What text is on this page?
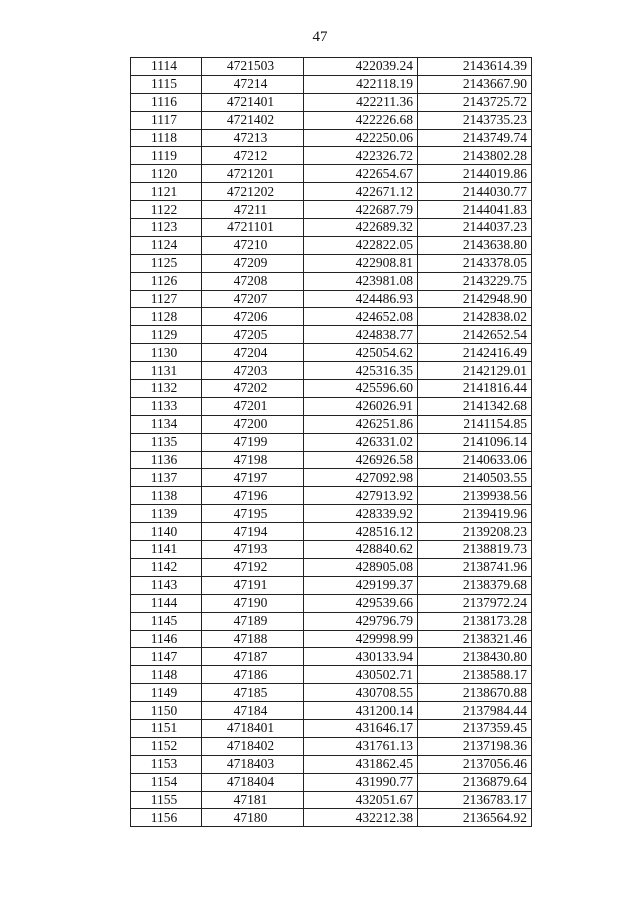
47
1114	4721503	422039.24	2143614.39
1115	47214	422118.19	2143667.90
1116	4721401	422211.36	2143725.72
1117	4721402	422226.68	2143735.23
1118	47213	422250.06	2143749.74
1119	47212	422326.72	2143802.28
1120	4721201	422654.67	2144019.86
1121	4721202	422671.12	2144030.77
1122	47211	422687.79	2144041.83
1123	4721101	422689.32	2144037.23
1124	47210	422822.05	2143638.80
1125	47209	422908.81	2143378.05
1126	47208	423981.08	2143229.75
1127	47207	424486.93	2142948.90
1128	47206	424652.08	2142838.02
1129	47205	424838.77	2142652.54
1130	47204	425054.62	2142416.49
1131	47203	425316.35	2142129.01
1132	47202	425596.60	2141816.44
1133	47201	426026.91	2141342.68
1134	47200	426251.86	2141154.85
1135	47199	426331.02	2141096.14
1136	47198	426926.58	2140633.06
1137	47197	427092.98	2140503.55
1138	47196	427913.92	2139938.56
1139	47195	428339.92	2139419.96
1140	47194	428516.12	2139208.23
1141	47193	428840.62	2138819.73
1142	47192	428905.08	2138741.96
1143	47191	429199.37	2138379.68
1144	47190	429539.66	2137972.24
1145	47189	429796.79	2138173.28
1146	47188	429998.99	2138321.46
1147	47187	430133.94	2138430.80
1148	47186	430502.71	2138588.17
1149	47185	430708.55	2138670.88
1150	47184	431200.14	2137984.44
1151	4718401	431646.17	2137359.45
1152	4718402	431761.13	2137198.36
1153	4718403	431862.45	2137056.46
1154	4718404	431990.77	2136879.64
1155	47181	432051.67	2136783.17
1156	47180	432212.38	2136564.92
